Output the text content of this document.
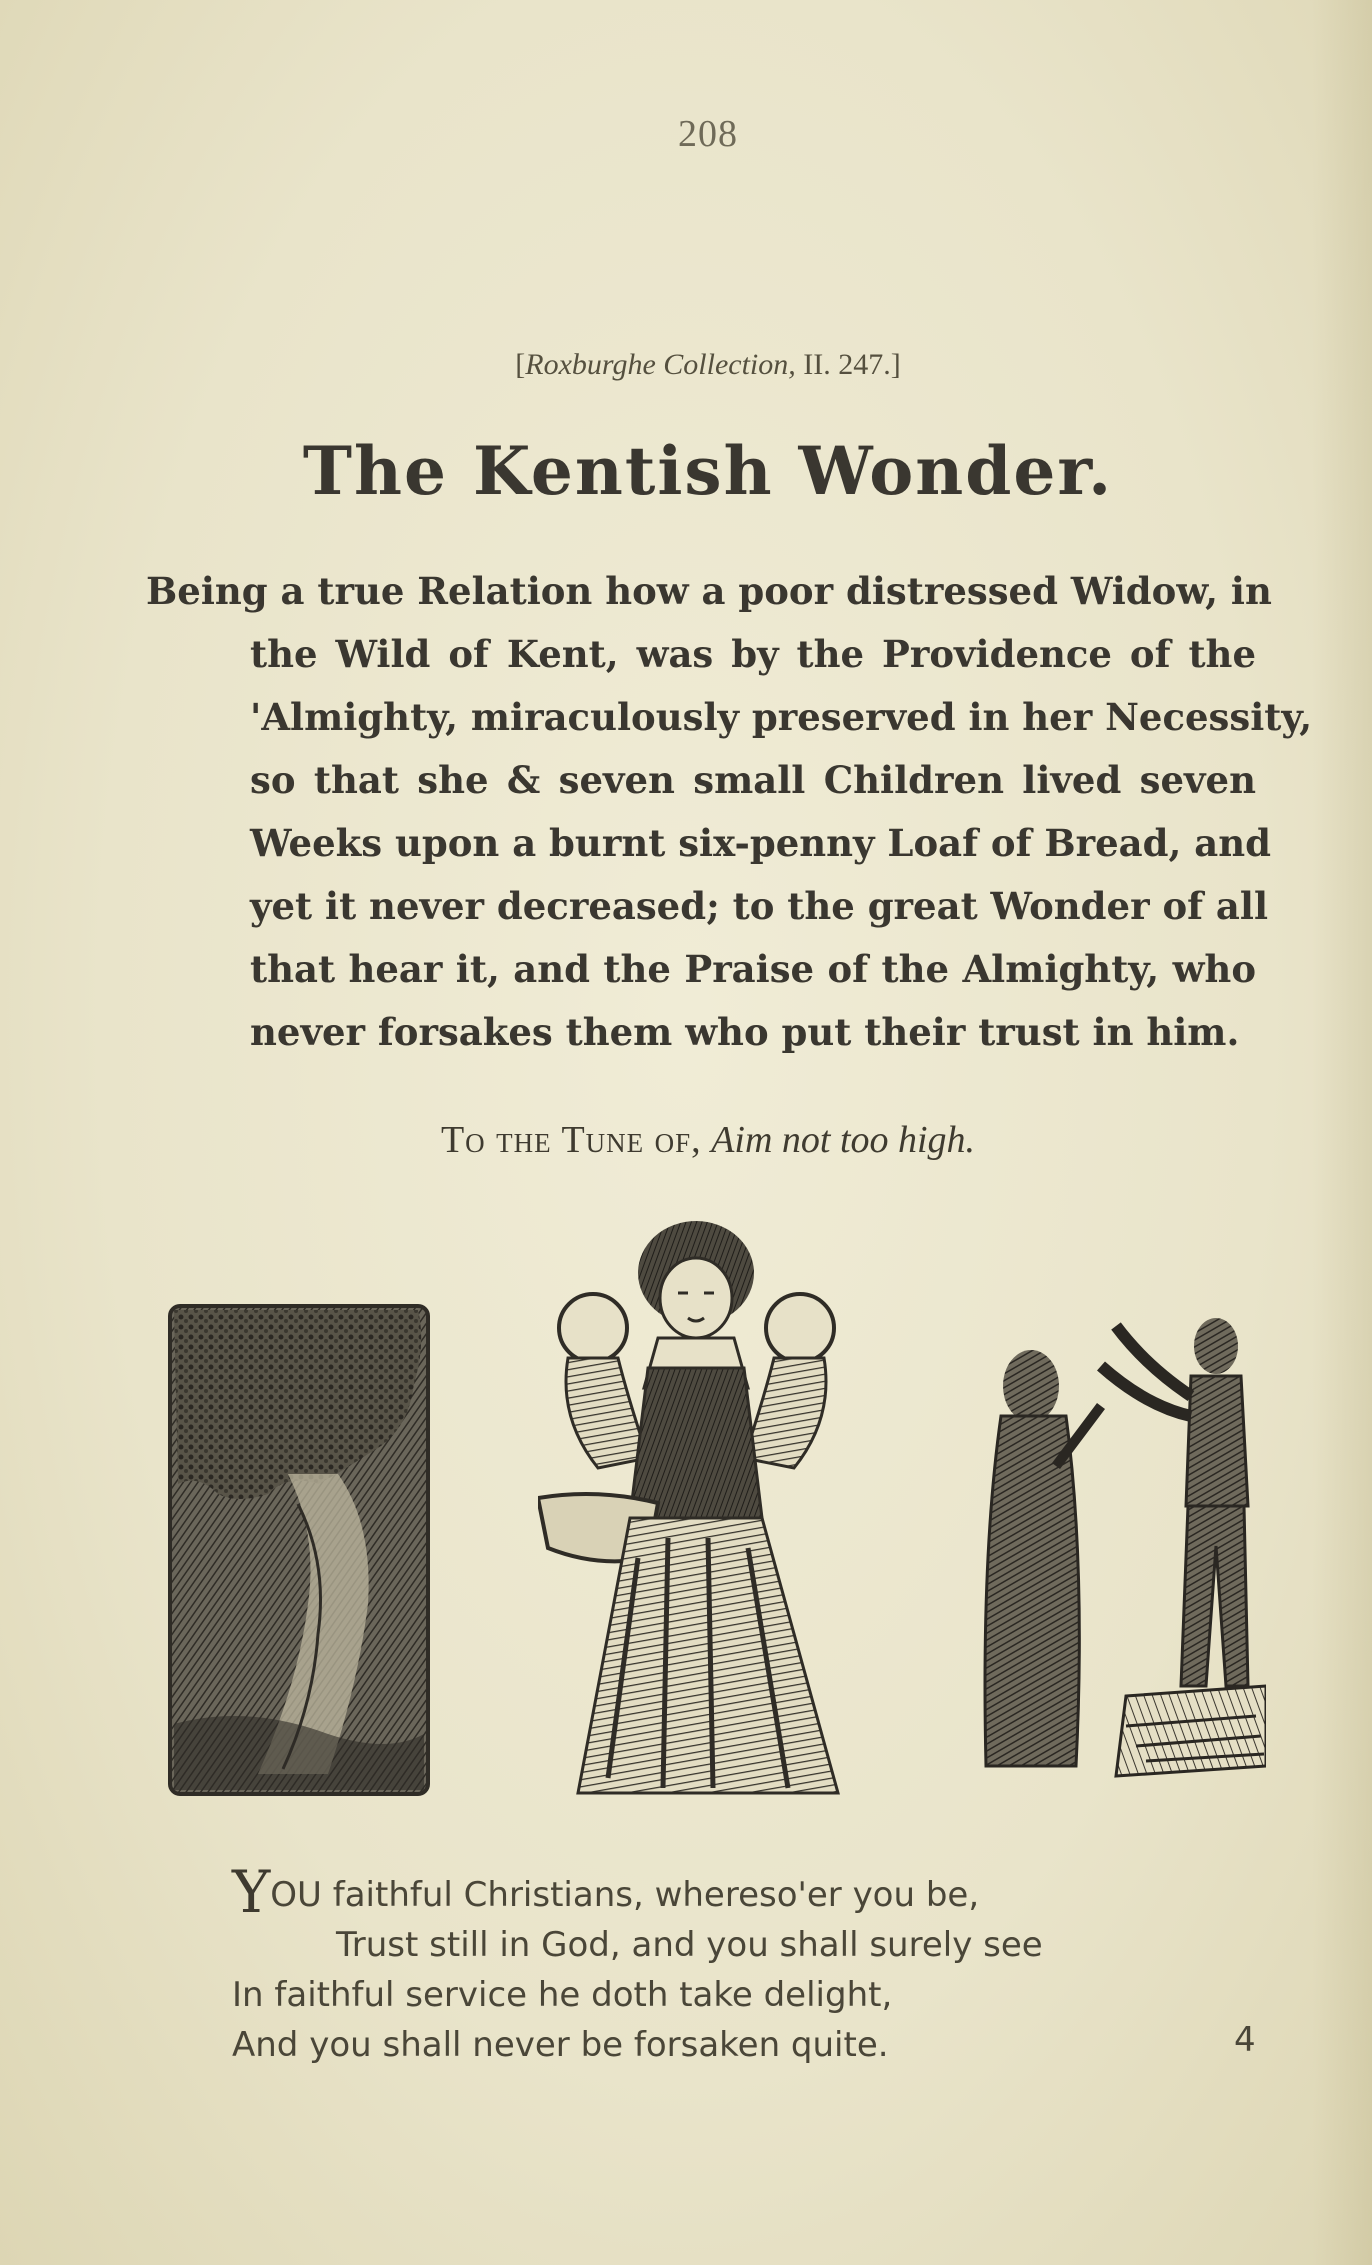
208
[Roxburghe Collection, II. 247.]
The Kentish Wonder.
Being a true Relation how a poor distressed Widow, in
the Wild of Kent, was by the Providence of the
'Almighty, miraculously preserved in her Necessity,
so that she & seven small Children lived seven
Weeks upon a burnt six-penny Loaf of Bread, and
yet it never decreased; to the great Wonder of all
that hear it, and the Praise of the Almighty, who
never forsakes them who put their trust in him.
To the Tune of, Aim not too high.
YOU faithful Christians, whereso'er you be,
Trust still in God, and you shall surely see
In faithful service he doth take delight,
And you shall never be forsaken quite.	4
